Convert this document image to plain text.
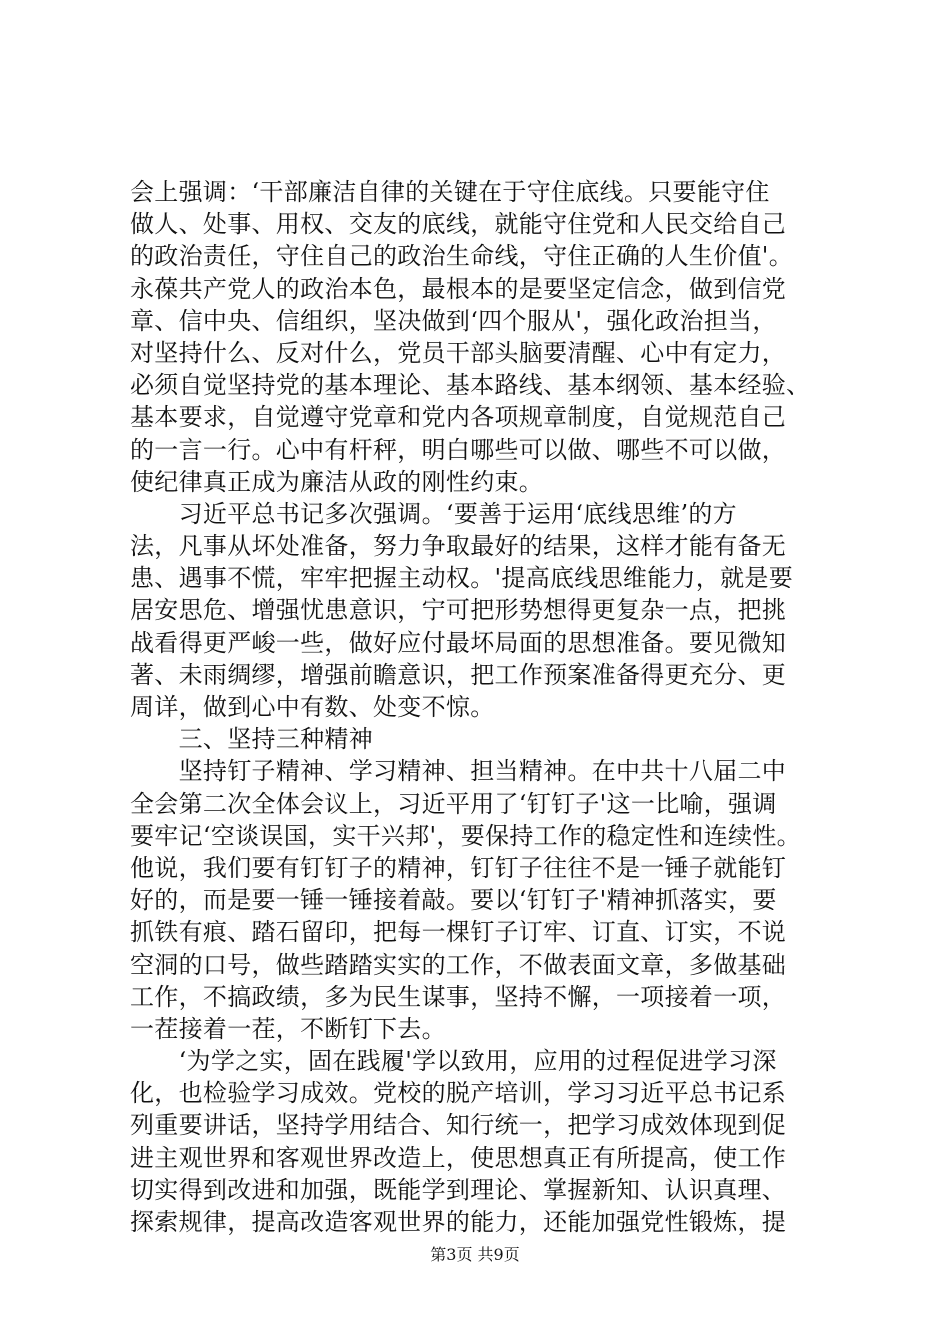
会上强调：‘干部廉洁自律的关键在于守住底线。只要能守住
做人、处事、用权、交友的底线，就能守住党和人民交给自己
的政治责任，守住自己的政治生命线，守住正确的人生价值'。
永葆共产党人的政治本色，最根本的是要坚定信念，做到信党
章、信中央、信组织，坚决做到‘四个服从'，强化政治担当，
对坚持什么、反对什么，党员干部头脑要清醒、心中有定力，
必须自觉坚持党的基本理论、基本路线、基本纲领、基本经验、
基本要求，自觉遵守党章和党内各项规章制度，自觉规范自己
的一言一行。心中有杆秤，明白哪些可以做、哪些不可以做，
使纪律真正成为廉洁从政的刚性约束。
　　习近平总书记多次强调。‘要善于运用‘底线思维’的方
法，凡事从坏处准备，努力争取最好的结果，这样才能有备无
患、遇事不慌，牢牢把握主动权。'提高底线思维能力，就是要
居安思危、增强忧患意识，宁可把形势想得更复杂一点，把挑
战看得更严峻一些，做好应付最坏局面的思想准备。要见微知
著、未雨绸缪，增强前瞻意识，把工作预案准备得更充分、更
周详，做到心中有数、处变不惊。
　　三、坚持三种精神
　　坚持钉子精神、学习精神、担当精神。在中共十八届二中
全会第二次全体会议上，习近平用了‘钉钉子'这一比喻，强调
要牢记‘空谈误国，实干兴邦'，要保持工作的稳定性和连续性。
他说，我们要有钉钉子的精神，钉钉子往往不是一锤子就能钉
好的，而是要一锤一锤接着敲。要以‘钉钉子'精神抓落实，要
抓铁有痕、踏石留印，把每一棵钉子订牢、订直、订实，不说
空洞的口号，做些踏踏实实的工作，不做表面文章，多做基础
工作，不搞政绩，多为民生谋事，坚持不懈，一项接着一项，
一茬接着一茬，不断钉下去。
　　‘为学之实，固在践履'学以致用，应用的过程促进学习深
化，也检验学习成效。党校的脱产培训，学习习近平总书记系
列重要讲话，坚持学用结合、知行统一，把学习成效体现到促
进主观世界和客观世界改造上，使思想真正有所提高，使工作
切实得到改进和加强，既能学到理论、掌握新知、认识真理、
探索规律，提高改造客观世界的能力，还能加强党性锻炼，提
第3页 共9页
